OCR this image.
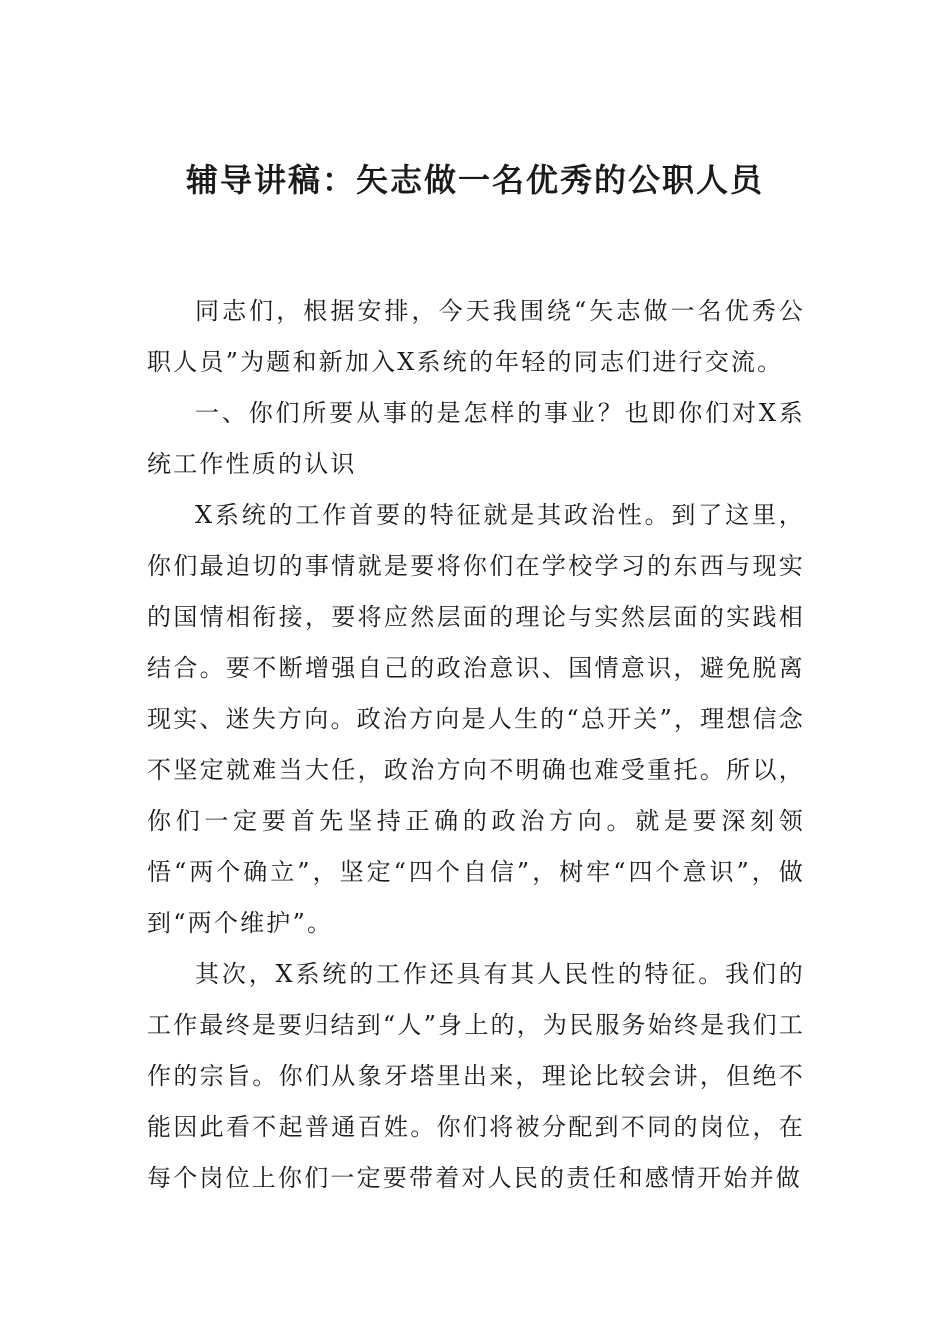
辅导讲稿：矢志做一名优秀的公职人员

同志们，根据安排，今天我围绕“矢志做一名优秀公职人员”为题和新加入X系统的年轻的同志们进行交流。

一、你们所要从事的是怎样的事业？也即你们对X系统工作性质的认识

X系统的工作首要的特征就是其政治性。到了这里，你们最迫切的事情就是要将你们在学校学习的东西与现实的国情相衔接，要将应然层面的理论与实然层面的实践相结合。要不断增强自己的政治意识、国情意识，避免脱离现实、迷失方向。政治方向是人生的“总开关”，理想信念不坚定就难当大任，政治方向不明确也难受重托。所以，你们一定要首先坚持正确的政治方向。就是要深刻领悟“两个确立”，坚定“四个自信”，树牢“四个意识”，做到“两个维护”。

其次，X系统的工作还具有其人民性的特征。我们的工作最终是要归结到“人”身上的，为民服务始终是我们工作的宗旨。你们从象牙塔里出来，理论比较会讲，但绝不能因此看不起普通百姓。你们将被分配到不同的岗位，在每个岗位上你们一定要带着对人民的责任和感情开始并做
